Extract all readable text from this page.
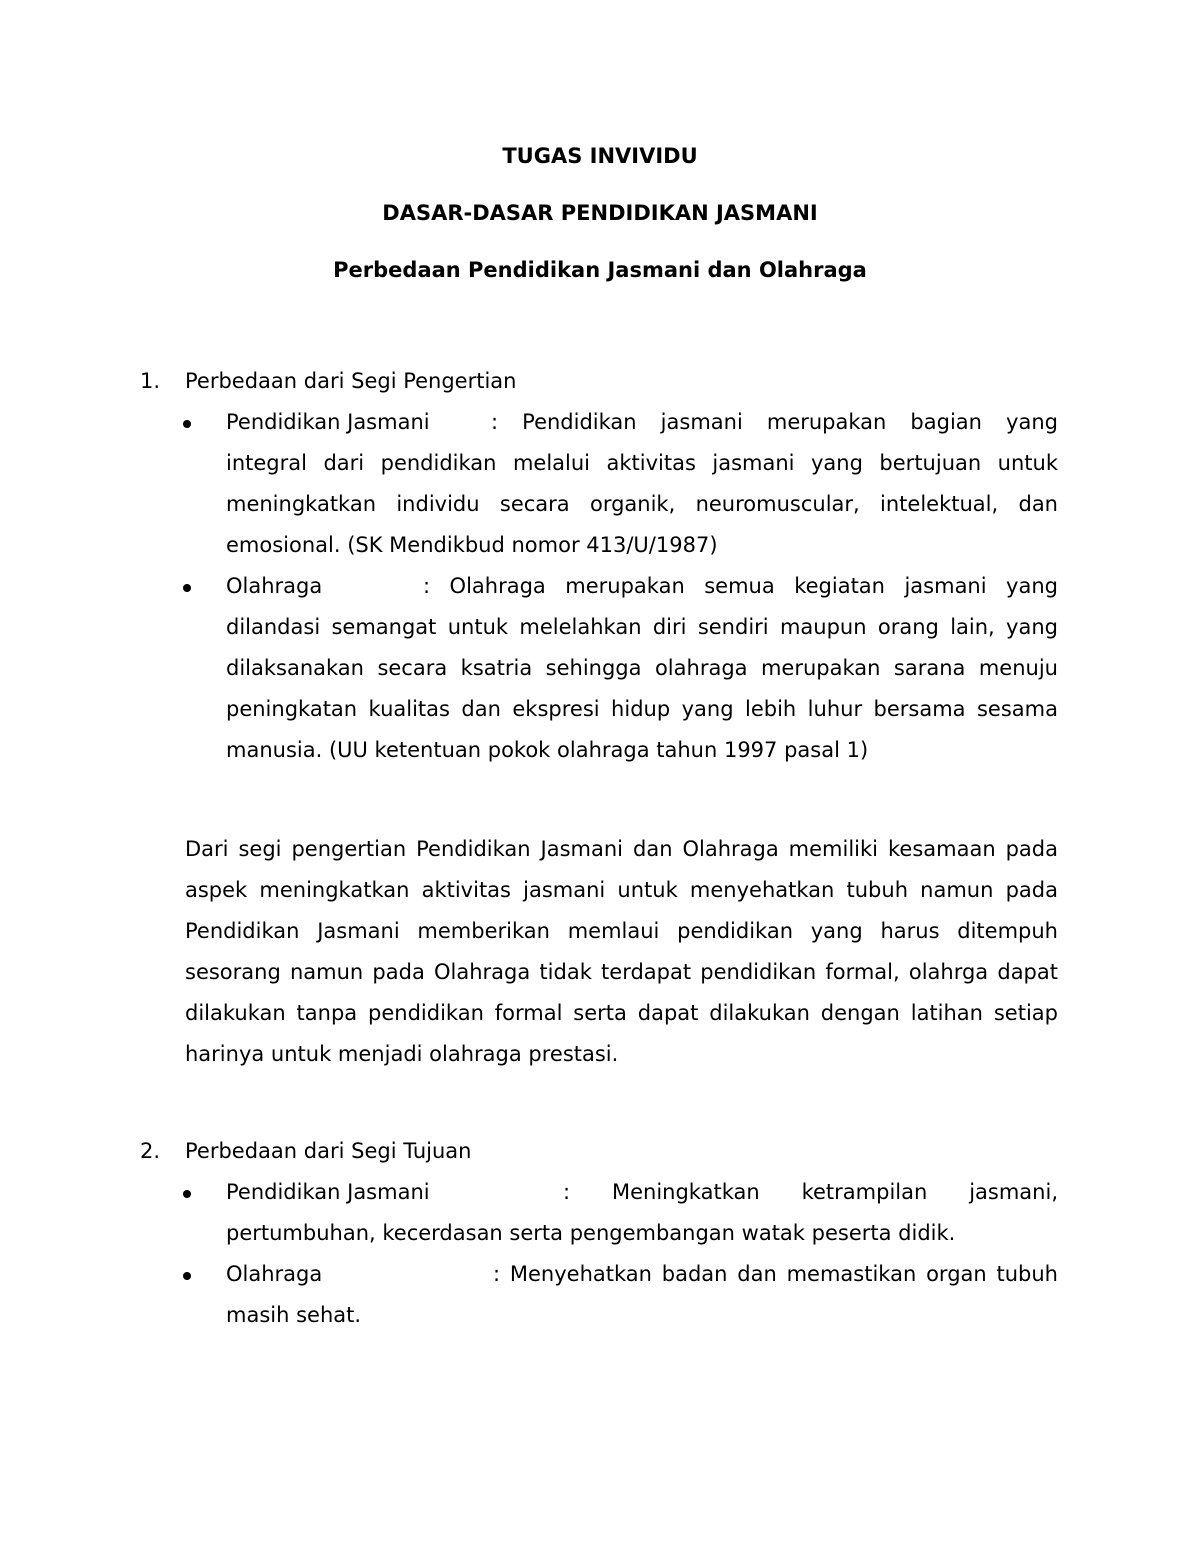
TUGAS INVIVIDU
DASAR-DASAR PENDIDIKAN JASMANI
Perbedaan Pendidikan Jasmani dan Olahraga
1. Perbedaan dari Segi Pengertian
Pendidikan Jasmani	: Pendidikan jasmani merupakan bagian yang integral dari pendidikan melalui aktivitas jasmani yang bertujuan untuk meningkatkan individu secara organik, neuromuscular, intelektual, dan emosional. (SK Mendikbud nomor 413/U/1987)
Olahraga	: Olahraga merupakan semua kegiatan jasmani yang dilandasi semangat untuk melelahkan diri sendiri maupun orang lain, yang dilaksanakan secara ksatria sehingga olahraga merupakan sarana menuju peningkatan kualitas dan ekspresi hidup yang lebih luhur bersama sesama manusia. (UU ketentuan pokok olahraga tahun 1997 pasal 1)
Dari segi pengertian Pendidikan Jasmani dan Olahraga memiliki kesamaan pada aspek meningkatkan aktivitas jasmani untuk menyehatkan tubuh namun pada Pendidikan Jasmani memberikan memlaui pendidikan yang harus ditempuh sesorang namun pada Olahraga tidak terdapat pendidikan formal, olahrga dapat dilakukan tanpa pendidikan formal serta dapat dilakukan dengan latihan setiap harinya untuk menjadi olahraga prestasi.
2. Perbedaan dari Segi Tujuan
Pendidikan Jasmani	: Meningkatkan ketrampilan jasmani, pertumbuhan, kecerdasan serta pengembangan watak peserta didik.
Olahraga	: Menyehatkan badan dan memastikan organ tubuh masih sehat.
